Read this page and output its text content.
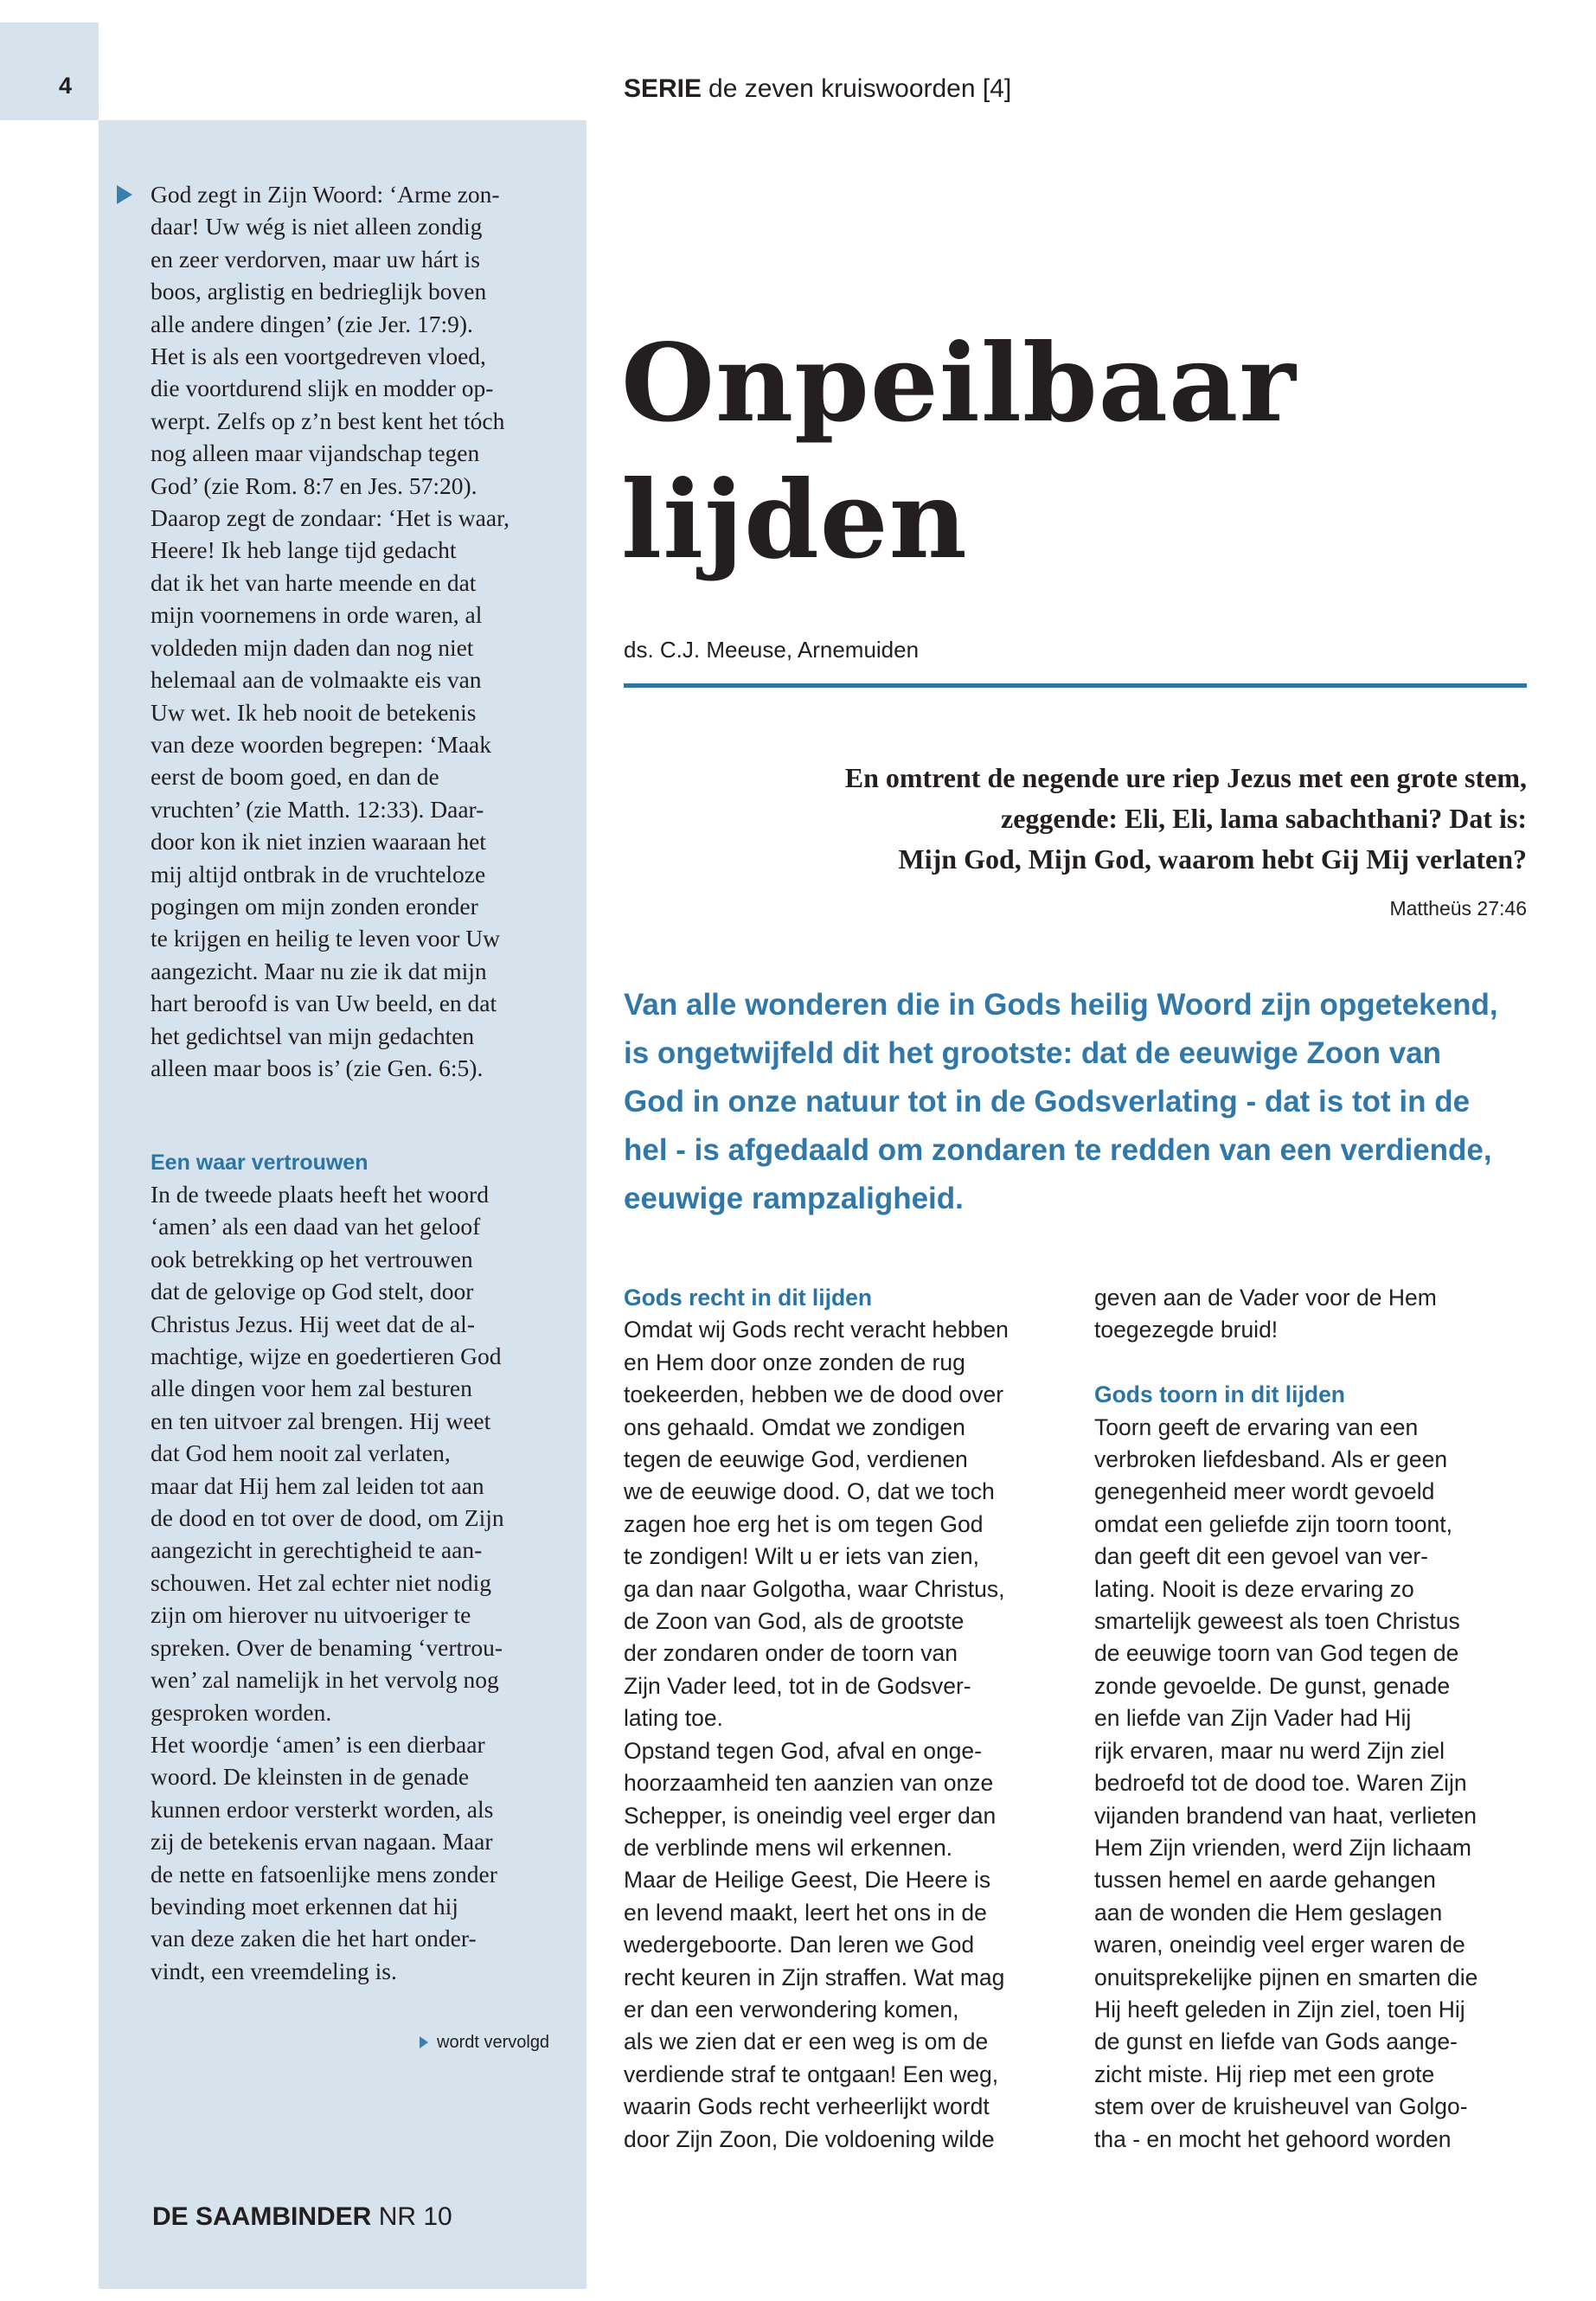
4	SERIE de zeven kruiswoorden [4]

God zegt in Zijn Woord: ‘Arme zon-

daar! Uw wég is niet alleen zondig

en zeer verdorven, maar uw hárt is

boos, arglistig en bedrieglijk boven

alle andere dingen’ (zie Jer. 17:9).

Het is als een voortgedreven vloed,

die voortdurend slijk en modder op-

werpt. Zelfs op z’n best kent het tóch

nog alleen maar vijandschap tegen

God’ (zie Rom. 8:7 en Jes. 57:20).

Daarop zegt de zondaar: ‘Het is waar,

Heere! Ik heb lange tijd gedacht

dat ik het van harte meende en dat

mijn voornemens in orde waren, al

voldeden mijn daden dan nog niet

helemaal aan de volmaakte eis van

Uw wet. Ik heb nooit de betekenis

van deze woorden begrepen: ‘Maak

eerst de boom goed, en dan de

vruchten’ (zie Matth. 12:33). Daar-

door kon ik niet inzien waaraan het

mij altijd ontbrak in de vruchteloze

pogingen om mijn zonden eronder

te krijgen en heilig te leven voor Uw

aangezicht. Maar nu zie ik dat mijn

hart beroofd is van Uw beeld, en dat

het gedichtsel van mijn gedachten

alleen maar boos is’ (zie Gen. 6:5).

Een waar vertrouwen

In de tweede plaats heeft het woord

‘amen’ als een daad van het geloof

ook betrekking op het vertrouwen

dat de gelovige op God stelt, door

Christus Jezus. Hij weet dat de al-

machtige, wijze en goedertieren God

alle dingen voor hem zal besturen

en ten uitvoer zal brengen. Hij weet

dat God hem nooit zal verlaten,

maar dat Hij hem zal leiden tot aan

de dood en tot over de dood, om Zijn

aangezicht in gerechtigheid te aan-

schouwen. Het zal echter niet nodig

zijn om hierover nu uitvoeriger te

spreken. Over de benaming ‘vertrou-

wen’ zal namelijk in het vervolg nog

gesproken worden.

Het woordje ‘amen’ is een dierbaar

woord. De kleinsten in de genade

kunnen erdoor versterkt worden, als

zij de betekenis ervan nagaan. Maar

de nette en fatsoenlijke mens zonder

bevinding moet erkennen dat hij

van deze zaken die het hart onder-

vindt, een vreemdeling is.

wordt vervolgd
DE SAAMBINDER NR 10
Onpeilbaar
lijden
ds. C.J. Meeuse, Arnemuiden
En omtrent de negende ure riep Jezus met een grote stem,
zeggende: Eli, Eli, lama sabachthani? Dat is:
Mijn God, Mijn God, waarom hebt Gij Mij verlaten?
Mattheüs 27:46
Van alle wonderen die in Gods heilig Woord zijn opgetekend,
is ongetwijfeld dit het grootste: dat de eeuwige Zoon van
God in onze natuur tot in de Godsverlating - dat is tot in de
hel - is afgedaald om zondaren te redden van een verdiende,
eeuwige rampzaligheid.

Gods recht in dit lijden

Omdat wij Gods recht veracht hebben

en Hem door onze zonden de rug

toekeerden, hebben we de dood over

ons gehaald. Omdat we zondigen

tegen de eeuwige God, verdienen

we de eeuwige dood. O, dat we toch

zagen hoe erg het is om tegen God

te zondigen! Wilt u er iets van zien,

ga dan naar Golgotha, waar Christus,

de Zoon van God, als de grootste

der zondaren onder de toorn van

Zijn Vader leed, tot in de Godsver-

lating toe.

Opstand tegen God, afval en onge-

hoorzaamheid ten aanzien van onze

Schepper, is oneindig veel erger dan

de verblinde mens wil erkennen.

Maar de Heilige Geest, Die Heere is

en levend maakt, leert het ons in de

wedergeboorte. Dan leren we God

recht keuren in Zijn straffen. Wat mag

er dan een verwondering komen,

als we zien dat er een weg is om de

verdiende straf te ontgaan! Een weg,

waarin Gods recht verheerlijkt wordt

door Zijn Zoon, Die voldoening wilde

geven aan de Vader voor de Hem

toegezegde bruid!

Gods toorn in dit lijden

Toorn geeft de ervaring van een

verbroken liefdesband. Als er geen

genegenheid meer wordt gevoeld

omdat een geliefde zijn toorn toont,

dan geeft dit een gevoel van ver-

lating. Nooit is deze ervaring zo

smartelijk geweest als toen Christus

de eeuwige toorn van God tegen de

zonde gevoelde. De gunst, genade

en liefde van Zijn Vader had Hij

rijk ervaren, maar nu werd Zijn ziel

bedroefd tot de dood toe. Waren Zijn

vijanden brandend van haat, verlieten

Hem Zijn vrienden, werd Zijn lichaam

tussen hemel en aarde gehangen

aan de wonden die Hem geslagen

waren, oneindig veel erger waren de

onuitsprekelijke pijnen en smarten die

Hij heeft geleden in Zijn ziel, toen Hij

de gunst en liefde van Gods aange-

zicht miste. Hij riep met een grote

stem over de kruisheuvel van Golgo-

tha - en mocht het gehoord worden
